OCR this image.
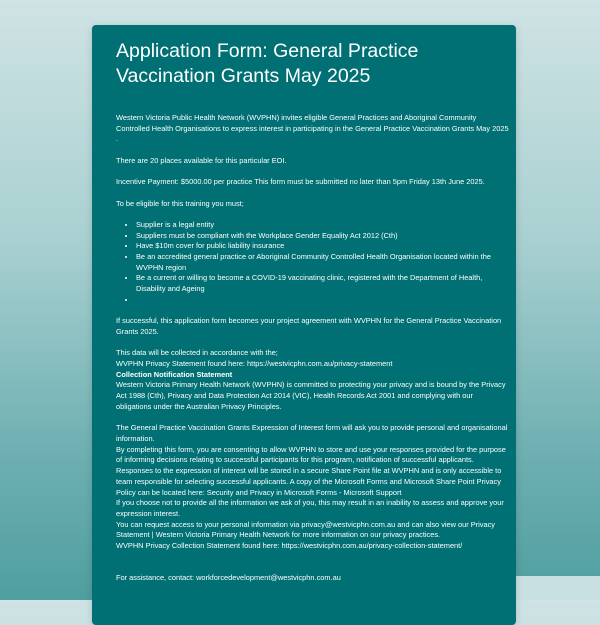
Application Form: General Practice Vaccination Grants May 2025

Western Victoria Public Health Network (WVPHN) invites eligible General Practices and Aboriginal Community Controlled Health Organisations to express interest in participating in the General Practice Vaccination Grants May 2025 .

There are 20 places available for this particular EOI.

Incentive Payment: $5000.00 per practice This form must be submitted no later than 5pm Friday 13th June 2025.

To be eligible for this training you must;

• Supplier is a legal entity
• Suppliers must be compliant with the Workplace Gender Equality Act 2012 (Cth)
• Have $10m cover for public liability insurance
• Be an accredited general practice or Aboriginal Community Controlled Health Organisation located within the WVPHN region
• Be a current or willing to become a COVID-19 vaccinating clinic, registered with the Department of Health, Disability and Ageing
•

If successful, this application form becomes your project agreement with WVPHN for the General Practice Vaccination Grants 2025.

This data will be collected in accordance with the;

WVPHN Privacy Statement found here: https://westvicphn.com.au/privacy-statement

Collection Notification Statement

Western Victoria Primary Health Network (WVPHN) is committed to protecting your privacy and is bound by the Privacy Act 1988 (Cth), Privacy and Data Protection Act 2014 (VIC), Health Records Act 2001 and complying with our obligations under the Australian Privacy Principles.

The General Practice Vaccination Grants Expression of Interest form will ask you to provide personal and organisational information.

By completing this form, you are consenting to allow WVPHN to store and use your responses provided for the purpose of informing decisions relating to successful participants for this program, notification of successful applicants. Responses to the expression of interest will be stored in a secure Share Point file at WVPHN and is only accessible to team responsible for selecting successful applicants. A copy of the Microsoft Forms and Microsoft Share Point Privacy Policy can be located here: Security and Privacy in Microsoft Forms - Microsoft Support

If you choose not to provide all the information we ask of you, this may result in an inability to assess and approve your expression interest.

You can request access to your personal information via privacy@westvicphn.com.au and can also view our Privacy Statement | Western Victoria Primary Health Network for more information on our privacy practices.

WVPHN Privacy Collection Statement found here: https://westvicphn.com.au/privacy-collection-statement/

For assistance, contact: workforcedevelopment@westvicphn.com.au
